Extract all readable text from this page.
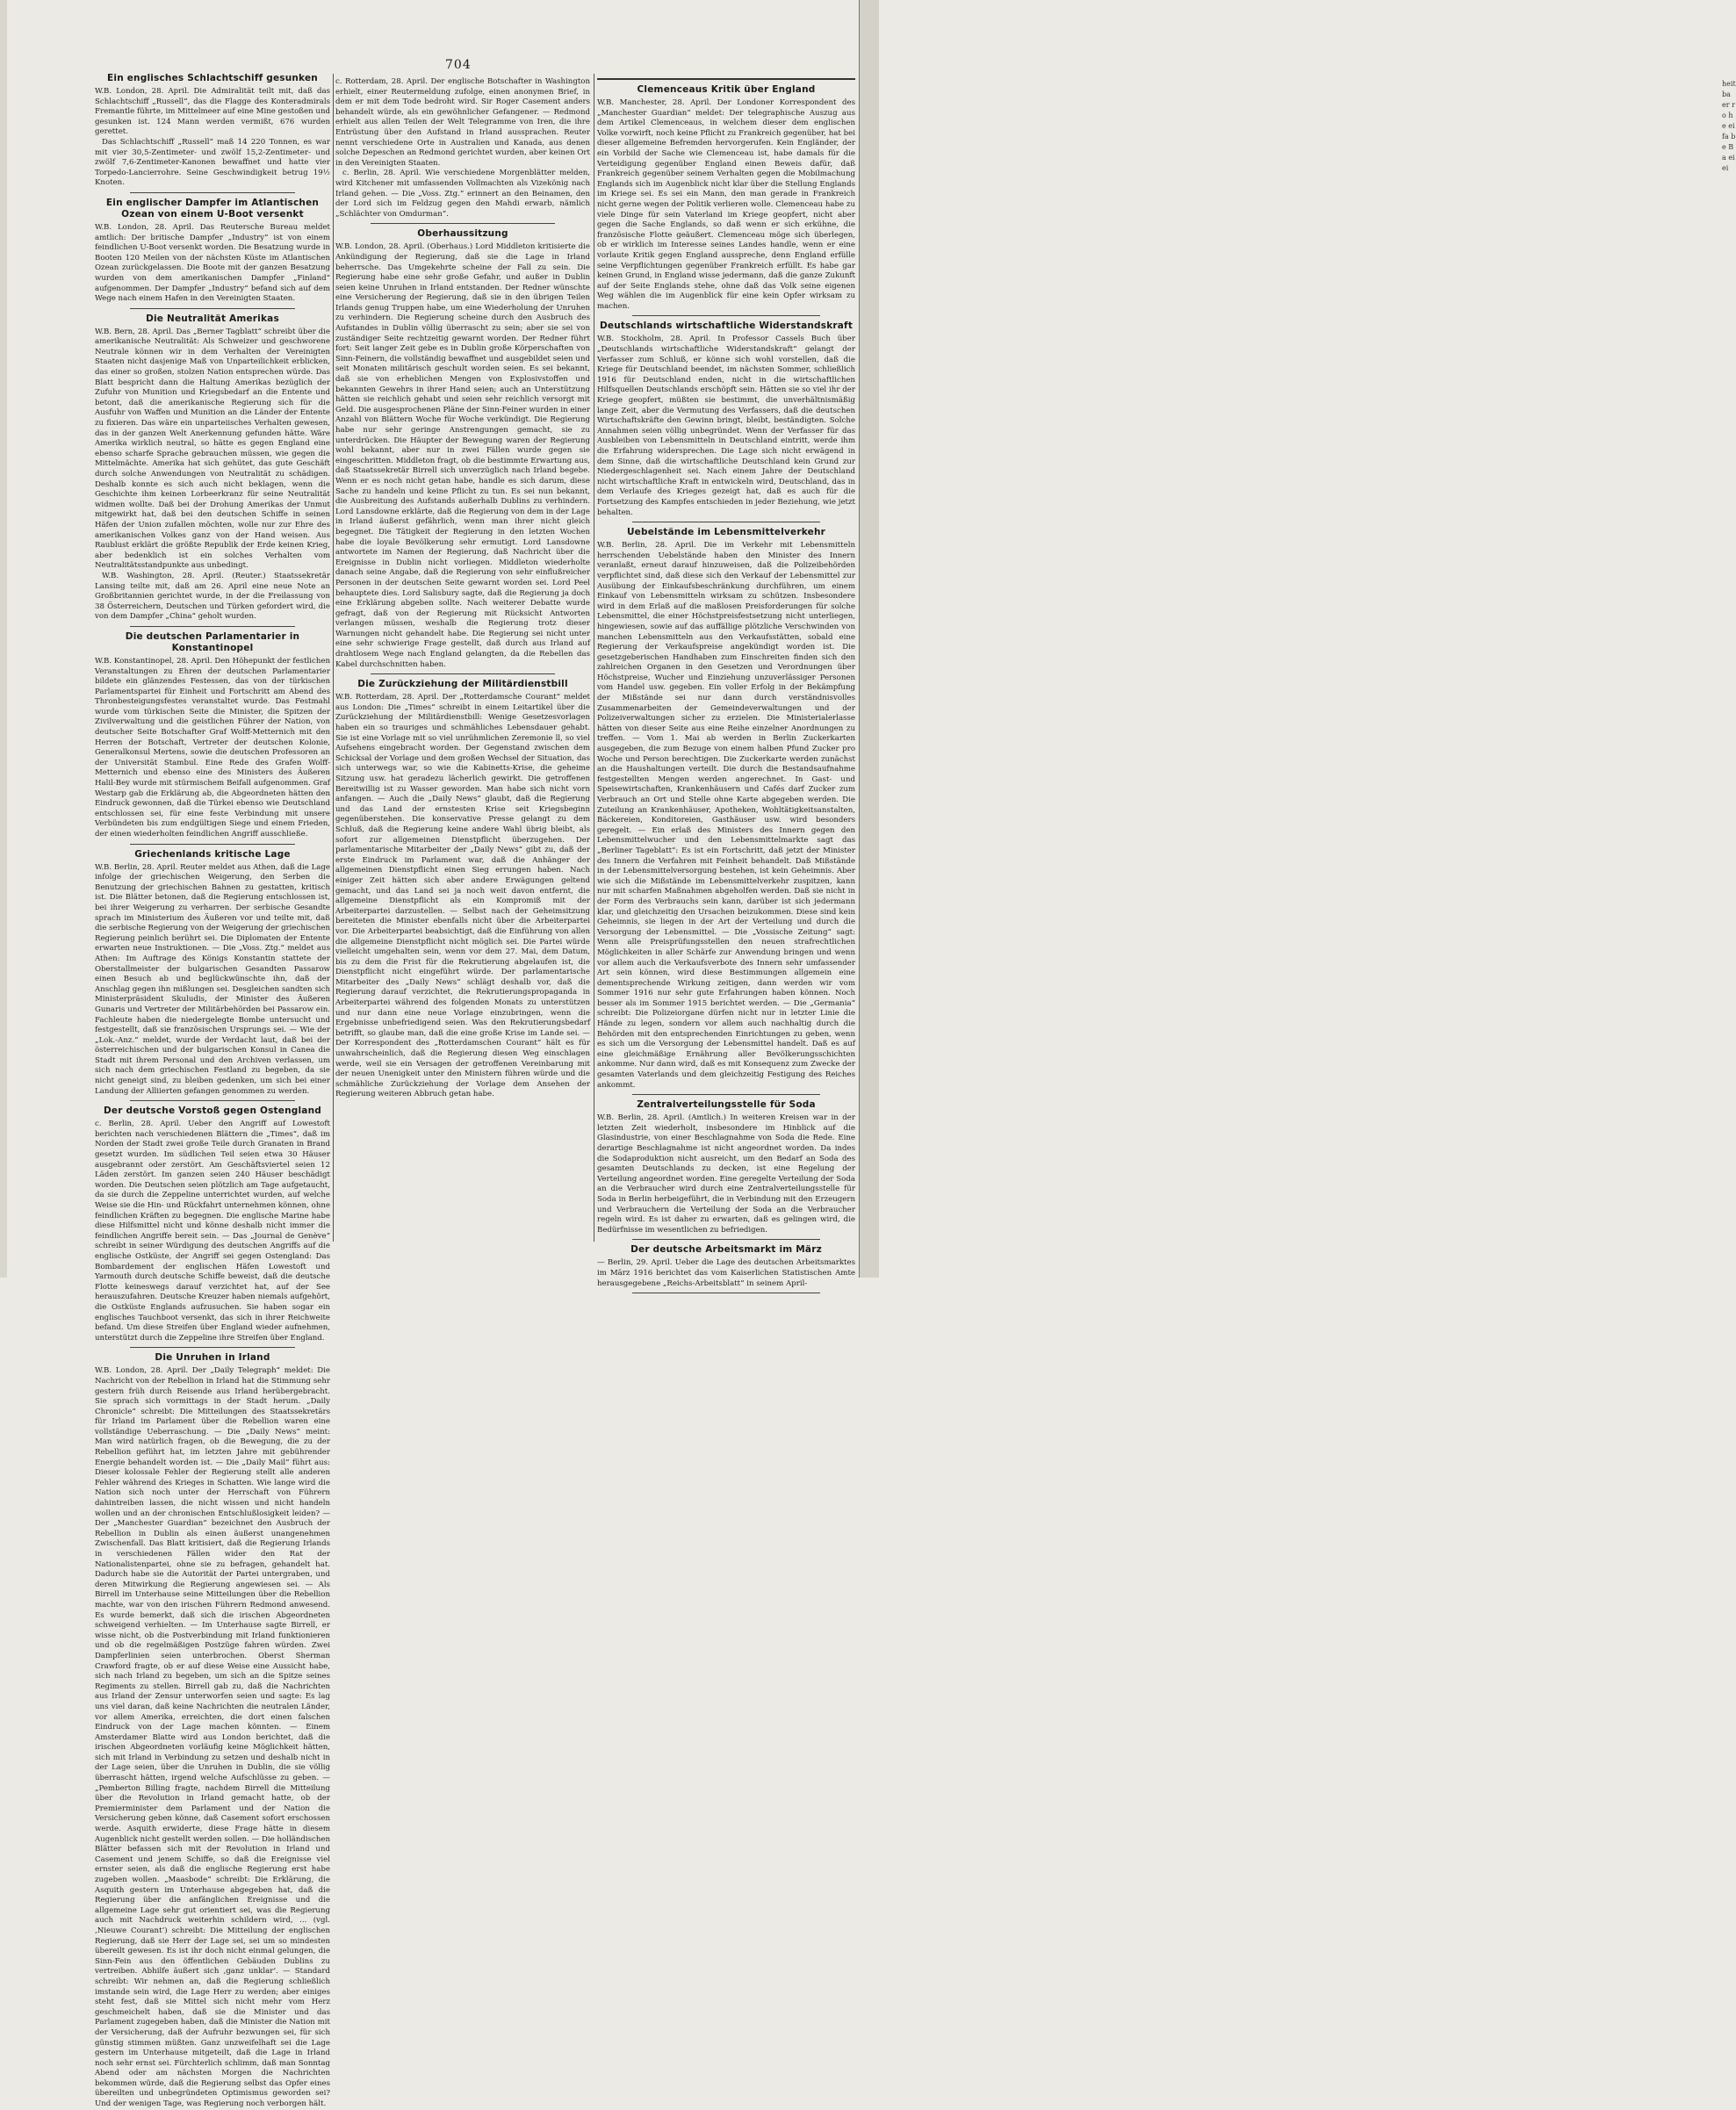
heit ba er ro he ei fa be Ba ei ei
704
Ein englisches Schlachtschiff gesunken

W.B. London, 28. April. Die Admiralität teilt mit, daß das Schlachtschiff „Russell“, das die Flagge des Konteradmirals Fremantle führte, im Mittelmeer auf eine Mine gestoßen und gesunken ist. 124 Mann werden vermißt, 676 wurden gerettet.

Das Schlachtschiff „Russell“ maß 14 220 Tonnen, es war mit vier 30,5-Zentimeter- und zwölf 15,2-Zentimeter- und zwölf 7,6-Zentimeter-Kanonen bewaffnet und hatte vier Torpedo-Lancierrohre. Seine Geschwindigkeit betrug 19½ Knoten.

Ein englischer Dampfer im Atlantischen Ozean von einem U-Boot versenkt

W.B. London, 28. April. Das Reutersche Bureau meldet amtlich: Der britische Dampfer „Industry“ ist von einem feindlichen U-Boot versenkt worden. Die Besatzung wurde in Booten 120 Meilen von der nächsten Küste im Atlantischen Ozean zurückgelassen. Die Boote mit der ganzen Besatzung wurden von dem amerikanischen Dampfer „Finland“ aufgenommen. Der Dampfer „Industry“ befand sich auf dem Wege nach einem Hafen in den Vereinigten Staaten.

Die Neutralität Amerikas

W.B. Bern, 28. April. Das „Berner Tagblatt“ schreibt über die amerikanische Neutralität: Als Schweizer und geschworene Neutrale können wir in dem Verhalten der Vereinigten Staaten nicht dasjenige Maß von Unparteilichkeit erblicken, das einer so großen, stolzen Nation entsprechen würde. Das Blatt bespricht dann die Haltung Amerikas bezüglich der Zufuhr von Munition und Kriegsbedarf an die Entente und betont, daß die amerikanische Regierung sich für die Ausfuhr von Waffen und Munition an die Länder der Entente zu fixieren. Das wäre ein unparteiisches Verhalten gewesen, das in der ganzen Welt Anerkennung gefunden hätte. Wäre Amerika wirklich neutral, so hätte es gegen England eine ebenso scharfe Sprache gebrauchen müssen, wie gegen die Mittelmächte. Amerika hat sich gehütet, das gute Geschäft durch solche Anwendungen von Neutralität zu schädigen. Deshalb konnte es sich auch nicht beklagen, wenn die Geschichte ihm keinen Lorbeerkranz für seine Neutralität widmen wollte. Daß bei der Drohung Amerikas der Unmut mitgewirkt hat, daß bei den deutschen Schiffe in seinen Häfen der Union zufallen möchten, wolle nur zur Ehre des amerikanischen Volkes ganz von der Hand weisen. Aus Raublust erklärt die größte Republik der Erde keinen Krieg, aber bedenklich ist ein solches Verhalten vom Neutralitätsstandpunkte aus unbedingt.

W.B. Washington, 28. April. (Reuter.) Staatssekretär Lansing teilte mit, daß am 26. April eine neue Note an Großbritannien gerichtet wurde, in der die Freilassung von 38 Österreichern, Deutschen und Türken gefordert wird, die von dem Dampfer „China“ geholt wurden.

Die deutschen Parlamentarier in Konstantinopel

W.B. Konstantinopel, 28. April. Den Höhepunkt der festlichen Veranstaltungen zu Ehren der deutschen Parlamentarier bildete ein glänzendes Festessen, das von der türkischen Parlamentspartei für Einheit und Fortschritt am Abend des Thronbesteigungsfestes veranstaltet wurde. Das Festmahl wurde vom türkischen Seite die Minister, die Spitzen der Zivilverwaltung und die geistlichen Führer der Nation, von deutscher Seite Botschafter Graf Wolff-Metternich mit den Herren der Botschaft, Vertreter der deutschen Kolonie, Generalkonsul Mertens, sowie die deutschen Professoren an der Universität Stambul. Eine Rede des Grafen Wolff-Metternich und ebenso eine des Ministers des Äußeren Halil-Bey wurde mit stürmischem Beifall aufgenommen. Graf Westarp gab die Erklärung ab, die Abgeordneten hätten den Eindruck gewonnen, daß die Türkei ebenso wie Deutschland entschlossen sei, für eine feste Verbindung mit unsere Verbündeten bis zum endgültigen Siege und einem Frieden, der einen wiederholten feindlichen Angriff ausschließe.

Griechenlands kritische Lage

W.B. Berlin, 28. April. Reuter meldet aus Athen, daß die Lage infolge der griechischen Weigerung, den Serben die Benutzung der griechischen Bahnen zu gestatten, kritisch ist. Die Blätter betonen, daß die Regierung entschlossen ist, bei ihrer Weigerung zu verharren. Der serbische Gesandte sprach im Ministerium des Äußeren vor und teilte mit, daß die serbische Regierung von der Weigerung der griechischen Regierung peinlich berührt sei. Die Diplomaten der Entente erwarten neue Instruktionen. — Die „Voss. Ztg.“ meldet aus Athen: Im Auftrage des Königs Konstantin stattete der Oberstallmeister der bulgarischen Gesandten Passarow einen Besuch ab und beglückwünschte ihn, daß der Anschlag gegen ihn mißlungen sei. Desgleichen sandten sich Ministerpräsident Skuludis, der Minister des Äußeren Gunaris und Vertreter der Militärbehörden bei Passarow ein. Fachleute haben die niedergelegte Bombe untersucht und festgestellt, daß sie französischen Ursprungs sei. — Wie der „Lok.-Anz.“ meldet, wurde der Verdacht laut, daß bei der österreichischen und der bulgarischen Konsul in Canea die Stadt mit ihrem Personal und den Archiven verlassen, um sich nach dem griechischen Festland zu begeben, da sie nicht geneigt sind, zu bleiben gedenken, um sich bei einer Landung der Alliierten gefangen genommen zu werden.

Der deutsche Vorstoß gegen Ostengland

c. Berlin, 28. April. Ueber den Angriff auf Lowestoft berichten nach verschiedenen Blättern die „Times“, daß im Norden der Stadt zwei große Teile durch Granaten in Brand gesetzt wurden. Im südlichen Teil seien etwa 30 Häuser ausgebrannt oder zerstört. Am Geschäftsviertel seien 12 Läden zerstört. Im ganzen seien 240 Häuser beschädigt worden. Die Deutschen seien plötzlich am Tage aufgetaucht, da sie durch die Zeppeline unterrichtet wurden, auf welche Weise sie die Hin- und Rückfahrt unternehmen können, ohne feindlichen Kräften zu begegnen. Die englische Marine habe diese Hilfsmittel nicht und könne deshalb nicht immer die feindlichen Angriffe bereit sein. — Das „Journal de Genève“ schreibt in seiner Würdigung des deutschen Angriffs auf die englische Ostküste, der Angriff sei gegen Ostengland: Das Bombardement der englischen Häfen Lowestoft und Yarmouth durch deutsche Schiffe beweist, daß die deutsche Flotte keineswegs darauf verzichtet hat, auf der See herauszufahren. Deutsche Kreuzer haben niemals aufgehört, die Ostküste Englands aufzusuchen. Sie haben sogar ein englisches Tauchboot versenkt, das sich in ihrer Reichweite befand. Um diese Streifen über England wieder aufnehmen, unterstützt durch die Zeppeline ihre Streifen über England.

Die Unruhen in Irland

W.B. London, 28. April. Der „Daily Telegraph“ meldet: Die Nachricht von der Rebellion in Irland hat die Stimmung sehr gestern früh durch Reisende aus Irland herübergebracht. Sie sprach sich vormittags in der Stadt herum. „Daily Chronicle“ schreibt: Die Mitteilungen des Staatssekretärs für Irland im Parlament über die Rebellion waren eine vollständige Ueberraschung. — Die „Daily News“ meint: Man wird natürlich fragen, ob die Bewegung, die zu der Rebellion geführt hat, im letzten Jahre mit gebührender Energie behandelt worden ist. — Die „Daily Mail“ führt aus: Dieser kolossale Fehler der Regierung stellt alle anderen Fehler während des Krieges in Schatten. Wie lange wird die Nation sich noch unter der Herrschaft von Führern dahintreiben lassen, die nicht wissen und nicht handeln wollen und an der chronischen Entschlußlosigkeit leiden? — Der „Manchester Guardian“ bezeichnet den Ausbruch der Rebellion in Dublin als einen äußerst unangenehmen Zwischenfall. Das Blatt kritisiert, daß die Regierung Irlands in verschiedenen Fällen wider den Rat der Nationalistenpartei, ohne sie zu befragen, gehandelt hat. Dadurch habe sie die Autorität der Partei untergraben, und deren Mitwirkung die Regierung angewiesen sei. — Als Birrell im Unterhause seine Mitteilungen über die Rebellion machte, war von den irischen Führern Redmond anwesend. Es wurde bemerkt, daß sich die irischen Abgeordneten schweigend verhielten. — Im Unterhause sagte Birrell, er wisse nicht, ob die Postverbindung mit Irland funktionieren und ob die regelmäßigen Postzüge fahren würden. Zwei Dampferlinien seien unterbrochen. Oberst Sherman Crawford fragte, ob er auf diese Weise eine Aussicht habe, sich nach Irland zu begeben, um sich an die Spitze seines Regiments zu stellen. Birrell gab zu, daß die Nachrichten aus Irland der Zensur unterworfen seien und sagte: Es lag uns viel daran, daß keine Nachrichten die neutralen Länder, vor allem Amerika, erreichten, die dort einen falschen Eindruck von der Lage machen könnten. — Einem Amsterdamer Blatte wird aus London berichtet, daß die irischen Abgeordneten vorläufig keine Möglichkeit hätten, sich mit Irland in Verbindung zu setzen und deshalb nicht in der Lage seien, über die Unruhen in Dublin, die sie völlig überrascht hätten, irgend welche Aufschlüsse zu geben. — „Pemberton Billing fragte, nachdem Birrell die Mitteilung über die Revolution in Irland gemacht hatte, ob der Premierminister dem Parlament und der Nation die Versicherung geben könne, daß Casement sofort erschossen werde. Asquith erwiderte, diese Frage hätte in diesem Augenblick nicht gestellt werden sollen. — Die holländischen Blätter befassen sich mit der Revolution in Irland und Casement und jenem Schiffe, so daß die Ereignisse viel ernster seien, als daß die englische Regierung erst habe zugeben wollen. „Maasbode“ schreibt: Die Erklärung, die Asquith gestern im Unterhause abgegeben hat, daß die Regierung über die anfänglichen Ereignisse und die allgemeine Lage sehr gut orientiert sei, was die Regierung auch mit Nachdruck weiterhin schildern wird, ... (vgl. ‚Nieuwe Courant‘) schreibt: Die Mitteilung der englischen Regierung, daß sie Herr der Lage sei, sei um so mindesten übereilt gewesen. Es ist ihr doch nicht einmal gelungen, die Sinn-Fein aus den öffentlichen Gebäuden Dublins zu vertreiben. Abhilfe äußert sich ‚ganz unklar‘. — Standard schreibt: Wir nehmen an, daß die Regierung schließlich imstande sein wird, die Lage Herr zu werden; aber einiges steht fest, daß sie Mittel sich nicht mehr vom Herz geschmeichelt haben, daß sie die Minister und das Parlament zugegeben haben, daß die Minister die Nation mit der Versicherung, daß der Aufruhr bezwungen sei, für sich günstig stimmen müßten. Ganz unzweifelhaft sei die Lage gestern im Unterhause mitgeteilt, daß die Lage in Irland noch sehr ernst sei. Fürchterlich schlimm, daß man Sonntag Abend oder am nächsten Morgen die Nachrichten bekommen würde, daß die Regierung selbst das Opfer eines übereilten und unbegründeten Optimismus geworden sei? Und der wenigen Tage, was Regierung noch verborgen hält.

c. Rotterdam, 28. April. Der englische Botschafter in Washington erhielt, einer Reutermeldung zufolge, einen anonymen Brief, in dem er mit dem Tode bedroht wird. Sir Roger Casement anders behandelt würde, als ein gewöhnlicher Gefangener. — Redmond erhielt aus allen Teilen der Welt Telegramme von Iren, die ihre Entrüstung über den Aufstand in Irland aussprachen. Reuter nennt verschiedene Orte in Australien und Kanada, aus denen solche Depeschen an Redmond gerichtet wurden, aber keinen Ort in den Vereinigten Staaten.

c. Berlin, 28. April. Wie verschiedene Morgenblätter melden, wird Kitchener mit umfassenden Vollmachten als Vizekönig nach Irland gehen. — Die „Voss. Ztg.“ erinnert an den Beinamen, den der Lord sich im Feldzug gegen den Mahdi erwarb, nämlich „Schlächter von Omdurman“.

Oberhaussitzung

W.B. London, 28. April. (Oberhaus.) Lord Middleton kritisierte die Ankündigung der Regierung, daß sie die Lage in Irland beherrsche. Das Umgekehrte scheine der Fall zu sein. Die Regierung habe eine sehr große Gefahr, und außer in Dublin seien keine Unruhen in Irland entstanden. Der Redner wünschte eine Versicherung der Regierung, daß sie in den übrigen Teilen Irlands genug Truppen habe, um eine Wiederholung der Unruhen zu verhindern. Die Regierung scheine durch den Ausbruch des Aufstandes in Dublin völlig überrascht zu sein; aber sie sei von zuständiger Seite rechtzeitig gewarnt worden. Der Redner führt fort: Seit langer Zeit gebe es in Dublin große Körperschaften von Sinn-Feinern, die vollständig bewaffnet und ausgebildet seien und seit Monaten militärisch geschult worden seien. Es sei bekannt, daß sie von erheblichen Mengen von Explosivstoffen und bekannten Gewehrs in ihrer Hand seien; auch an Unterstützung hätten sie reichlich gehabt und seien sehr reichlich versorgt mit Geld. Die ausgesprochenen Pläne der Sinn-Feiner wurden in einer Anzahl von Blättern Woche für Woche verkündigt. Die Regierung habe nur sehr geringe Anstrengungen gemacht, sie zu unterdrücken. Die Häupter der Bewegung waren der Regierung wohl bekannt, aber nur in zwei Fällen wurde gegen sie eingeschritten. Middleton fragt, ob die bestimmte Erwartung aus, daß Staatssekretär Birrell sich unverzüglich nach Irland begebe. Wenn er es noch nicht getan habe, handle es sich darum, diese Sache zu handeln und keine Pflicht zu tun. Es sei nun bekannt, die Ausbreitung des Aufstands außerhalb Dublins zu verhindern. Lord Lansdowne erklärte, daß die Regierung von dem in der Lage in Irland äußerst gefährlich, wenn man ihrer nicht gleich begegnet. Die Tätigkeit der Regierung in den letzten Wochen habe die loyale Bevölkerung sehr ermutigt. Lord Lansdowne antwortete im Namen der Regierung, daß Nachricht über die Ereignisse in Dublin nicht vorliegen. Middleton wiederholte danach seine Angabe, daß die Regierung von sehr einflußreicher Personen in der deutschen Seite gewarnt worden sei. Lord Peel behauptete dies. Lord Salisbury sagte, daß die Regierung ja doch eine Erklärung abgeben sollte. Nach weiterer Debatte wurde gefragt, daß von der Regierung mit Rücksicht Antworten verlangen müssen, weshalb die Regierung trotz dieser Warnungen nicht gehandelt habe. Die Regierung sei nicht unter eine sehr schwierige Frage gestellt, daß durch aus Irland auf drahtlosem Wege nach England gelangten, da die Rebellen das Kabel durchschnitten haben.

Die Zurückziehung der Militärdienstbill

W.B. Rotterdam, 28. April. Der „Rotterdamsche Courant“ meldet aus London: Die „Times“ schreibt in einem Leitartikel über die Zurückziehung der Militärdienstbill: Wenige Gesetzesvorlagen haben ein so trauriges und schmähliches Lebensdauer gehabt. Sie ist eine Vorlage mit so viel unrühmlichen Zeremonie ll, so viel Aufsehens eingebracht worden. Der Gegenstand zwischen dem Schicksal der Vorlage und dem großen Wechsel der Situation, das sich unterwegs war, so wie die Kabinetts-Krise, die geheime Sitzung usw. hat geradezu lächerlich gewirkt. Die getroffenen Bereitwillig ist zu Wasser geworden. Man habe sich nicht vorn anfangen. — Auch die „Daily News“ glaubt, daß die Regierung und das Land der ernstesten Krise seit Kriegsbeginn gegenüberstehen. Die konservative Presse gelangt zu dem Schluß, daß die Regierung keine andere Wahl übrig bleibt, als sofort zur allgemeinen Dienstpflicht überzugehen. Der parlamentarische Mitarbeiter der „Daily News“ gibt zu, daß der erste Eindruck im Parlament war, daß die Anhänger der allgemeinen Dienstpflicht einen Sieg errungen haben. Nach einiger Zeit hätten sich aber andere Erwägungen geltend gemacht, und das Land sei ja noch weit davon entfernt, die allgemeine Dienstpflicht als ein Kompromiß mit der Arbeiterpartei darzustellen. — Selbst nach der Geheimsitzung bereiteten die Minister ebenfalls nicht über die Arbeiterpartei vor. Die Arbeiterpartei beabsichtigt, daß die Einführung von allen die allgemeine Dienstpflicht nicht möglich sei. Die Partei würde vielleicht umgehalten sein, wenn vor dem 27. Mai, dem Datum, bis zu dem die Frist für die Rekrutierung abgelaufen ist, die Dienstpflicht nicht eingeführt würde. Der parlamentarische Mitarbeiter des „Daily News“ schlägt deshalb vor, daß die Regierung darauf verzichtet, die Rekrutierungspropaganda in Arbeiterpartei während des folgenden Monats zu unterstützen und nur dann eine neue Vorlage einzubringen, wenn die Ergebnisse unbefriedigend seien. Was den Rekrutierungsbedarf betrifft, so glaube man, daß die eine große Krise im Lande sei. — Der Korrespondent des „Rotterdamschen Courant“ hält es für unwahrscheinlich, daß die Regierung diesen Weg einschlagen werde, weil sie ein Versagen der getroffenen Vereinbarung mit der neuen Unenigkeit unter den Ministern führen würde und die schmähliche Zurückziehung der Vorlage dem Ansehen der Regierung weiteren Abbruch getan habe.

Clemenceaus Kritik über England

W.B. Manchester, 28. April. Der Londoner Korrespondent des „Manchester Guardian“ meldet: Der telegraphische Auszug aus dem Artikel Clemenceaus, in welchem dieser dem englischen Volke vorwirft, noch keine Pflicht zu Frankreich gegenüber, hat bei dieser allgemeine Befremden hervorgerufen. Kein Engländer, der ein Vorbild der Sache wie Clemenceau ist, habe damals für die Verteidigung gegenüber England einen Beweis dafür, daß Frankreich gegenüber seinem Verhalten gegen die Mobilmachung Englands sich im Augenblick nicht klar über die Stellung Englands im Kriege sei. Es sei ein Mann, den man gerade in Frankreich nicht gerne wegen der Politik verlieren wolle. Clemenceau habe zu viele Dinge für sein Vaterland im Kriege geopfert, nicht aber gegen die Sache Englands, so daß wenn er sich erkühne, die französische Flotte geäußert. Clemenceau möge sich überlegen, ob er wirklich im Interesse seines Landes handle, wenn er eine vorlaute Kritik gegen England ausspreche, denn England erfülle seine Verpflichtungen gegenüber Frankreich erfüllt. Es habe gar keinen Grund, in England wisse jedermann, daß die ganze Zukunft auf der Seite Englands stehe, ohne daß das Volk seine eigenen Weg wählen die im Augenblick für eine kein Opfer wirksam zu machen.

Deutschlands wirtschaftliche Widerstandskraft

W.B. Stockholm, 28. April. In Professor Cassels Buch über „Deutschlands wirtschaftliche Widerstandskraft“ gelangt der Verfasser zum Schluß, er könne sich wohl vorstellen, daß die Kriege für Deutschland beendet, im nächsten Sommer, schließlich 1916 für Deutschland enden, nicht in die wirtschaftlichen Hilfsquellen Deutschlands erschöpft sein. Hätten sie so viel ihr der Kriege geopfert, müßten sie bestimmt, die unverhältnismäßig lange Zeit, aber die Vermutung des Verfassers, daß die deutschen Wirtschaftskräfte den Gewinn bringt, bleibt, beständigten. Solche Annahmen seien völlig unbegründet. Wenn der Verfasser für das Ausbleiben von Lebensmitteln in Deutschland eintritt, werde ihm die Erfahrung widersprechen. Die Lage sich nicht erwägend in dem Sinne, daß die wirtschaftliche Deutschland kein Grund zur Niedergeschlagenheit sei. Nach einem Jahre der Deutschland nicht wirtschaftliche Kraft in entwickeln wird, Deutschland, das in dem Verlaufe des Krieges gezeigt hat, daß es auch für die Fortsetzung des Kampfes entschieden in jeder Beziehung, wie jetzt behalten.

Uebelstände im Lebensmittelverkehr

W.B. Berlin, 28. April. Die im Verkehr mit Lebensmitteln herrschenden Uebelstände haben den Minister des Innern veranlaßt, erneut darauf hinzuweisen, daß die Polizeibehörden verpflichtet sind, daß diese sich den Verkauf der Lebensmittel zur Ausübung der Einkaufsbeschränkung durchführen, um einem Einkauf von Lebensmitteln wirksam zu schützen. Insbesondere wird in dem Erlaß auf die maßlosen Preisforderungen für solche Lebensmittel, die einer Höchstpreisfestsetzung nicht unterliegen, hingewiesen, sowie auf das auffällige plötzliche Verschwinden von manchen Lebensmitteln aus den Verkaufsstätten, sobald eine Regierung der Verkaufspreise angekündigt worden ist. Die gesetzgeberischen Handhaben zum Einschreiten finden sich den zahlreichen Organen in den Gesetzen und Verordnungen über Höchstpreise, Wucher und Einziehung unzuverlässiger Personen vom Handel usw. gegeben. Ein voller Erfolg in der Bekämpfung der Mißstände sei nur dann durch verständnisvolles Zusammenarbeiten der Gemeindeverwaltungen und der Polizeiverwaltungen sicher zu erzielen. Die Ministerialerlasse hätten von dieser Seite aus eine Reihe einzelner Anordnungen zu treffen. — Vom 1. Mai ab werden in Berlin Zuckerkarten ausgegeben, die zum Bezuge von einem halben Pfund Zucker pro Woche und Person berechtigen. Die Zuckerkarte werden zunächst an die Haushaltungen verteilt. Die durch die Bestandsaufnahme festgestellten Mengen werden angerechnet. In Gast- und Speisewirtschaften, Krankenhäusern und Cafés darf Zucker zum Verbrauch an Ort und Stelle ohne Karte abgegeben werden. Die Zuteilung an Krankenhäuser, Apotheken, Wohltätigkeitsanstalten, Bäckereien, Konditoreien, Gasthäuser usw. wird besonders geregelt. — Ein erlaß des Ministers des Innern gegen den Lebensmittelwucher und den Lebensmittelmarkte sagt das „Berliner Tageblatt“: Es ist ein Fortschritt, daß jetzt der Minister des Innern die Verfahren mit Feinheit behandelt. Daß Mißstände in der Lebensmittelversorgung bestehen, ist kein Geheimnis. Aber wie sich die Mißstände im Lebensmittelverkehr zuspitzen, kann nur mit scharfen Maßnahmen abgeholfen werden. Daß sie nicht in der Form des Verbrauchs sein kann, darüber ist sich jedermann klar, und gleichzeitig den Ursachen beizukommen. Diese sind kein Geheimnis, sie liegen in der Art der Verteilung und durch die Versorgung der Lebensmittel. — Die „Vossische Zeitung“ sagt: Wenn alle Preisprüfungsstellen den neuen strafrechtlichen Möglichkeiten in aller Schärfe zur Anwendung bringen und wenn vor allem auch die Verkaufsverbote des Innern sehr umfassender Art sein können, wird diese Bestimmungen allgemein eine dementsprechende Wirkung zeitigen, dann werden wir vom Sommer 1916 nur sehr gute Erfahrungen haben können. Noch besser als im Sommer 1915 berichtet werden. — Die „Germania“ schreibt: Die Polizeiorgane dürfen nicht nur in letzter Linie die Hände zu legen, sondern vor allem auch nachhaltig durch die Behörden mit den entsprechenden Einrichtungen zu geben, wenn es sich um die Versorgung der Lebensmittel handelt. Daß es auf eine gleichmäßige Ernährung aller Bevölkerungsschichten ankomme. Nur dann wird, daß es mit Konsequenz zum Zwecke der gesamten Vaterlands und dem gleichzeitig Festigung des Reiches ankommt.

Zentralverteilungsstelle für Soda

W.B. Berlin, 28. April. (Amtlich.) In weiteren Kreisen war in der letzten Zeit wiederholt, insbesondere im Hinblick auf die Glasindustrie, von einer Beschlagnahme von Soda die Rede. Eine derartige Beschlagnahme ist nicht angeordnet worden. Da indes die Sodaproduktion nicht ausreicht, um den Bedarf an Soda des gesamten Deutschlands zu decken, ist eine Regelung der Verteilung angeordnet worden. Eine geregelte Verteilung der Soda an die Verbraucher wird durch eine Zentralverteilungsstelle für Soda in Berlin herbeigeführt, die in Verbindung mit den Erzeugern und Verbrauchern die Verteilung der Soda an die Verbraucher regeln wird. Es ist daher zu erwarten, daß es gelingen wird, die Bedürfnisse im wesentlichen zu befriedigen.

Der deutsche Arbeitsmarkt im März

— Berlin, 29. April. Ueber die Lage des deutschen Arbeitsmarktes im März 1916 berichtet das vom Kaiserlichen Statistischen Amte herausgegebene „Reichs-Arbeitsblatt“ in seinem April-
